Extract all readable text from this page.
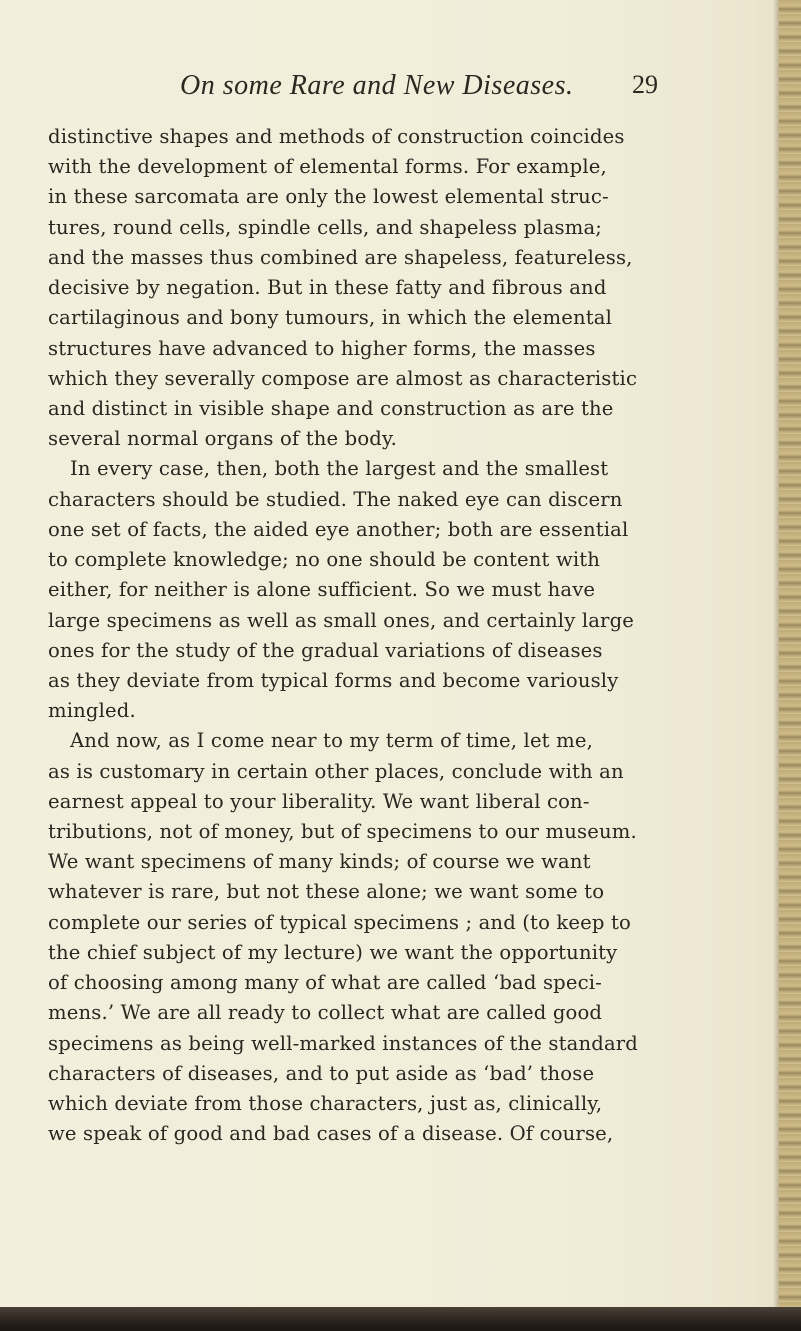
On some Rare and New Diseases. 29
distinctive shapes and methods of construction coincides
with the development of elemental forms. For example,
in these sarcomata are only the lowest elemental struc-
tures, round cells, spindle cells, and shapeless plasma;
and the masses thus combined are shapeless, featureless,
decisive by negation. But in these fatty and fibrous and
cartilaginous and bony tumours, in which the elemental
structures have advanced to higher forms, the masses
which they severally compose are almost as characteristic
and distinct in visible shape and construction as are the
several normal organs of the body.
In every case, then, both the largest and the smallest
characters should be studied. The naked eye can discern
one set of facts, the aided eye another; both are essential
to complete knowledge; no one should be content with
either, for neither is alone sufficient. So we must have
large specimens as well as small ones, and certainly large
ones for the study of the gradual variations of diseases
as they deviate from typical forms and become variously
mingled.
And now, as I come near to my term of time, let me,
as is customary in certain other places, conclude with an
earnest appeal to your liberality. We want liberal con-
tributions, not of money, but of specimens to our museum.
We want specimens of many kinds; of course we want
whatever is rare, but not these alone; we want some to
complete our series of typical specimens ; and (to keep to
the chief subject of my lecture) we want the opportunity
of choosing among many of what are called ‘bad speci-
mens.’ We are all ready to collect what are called good
specimens as being well-marked instances of the standard
characters of diseases, and to put aside as ‘bad’ those
which deviate from those characters, just as, clinically,
we speak of good and bad cases of a disease. Of course,
